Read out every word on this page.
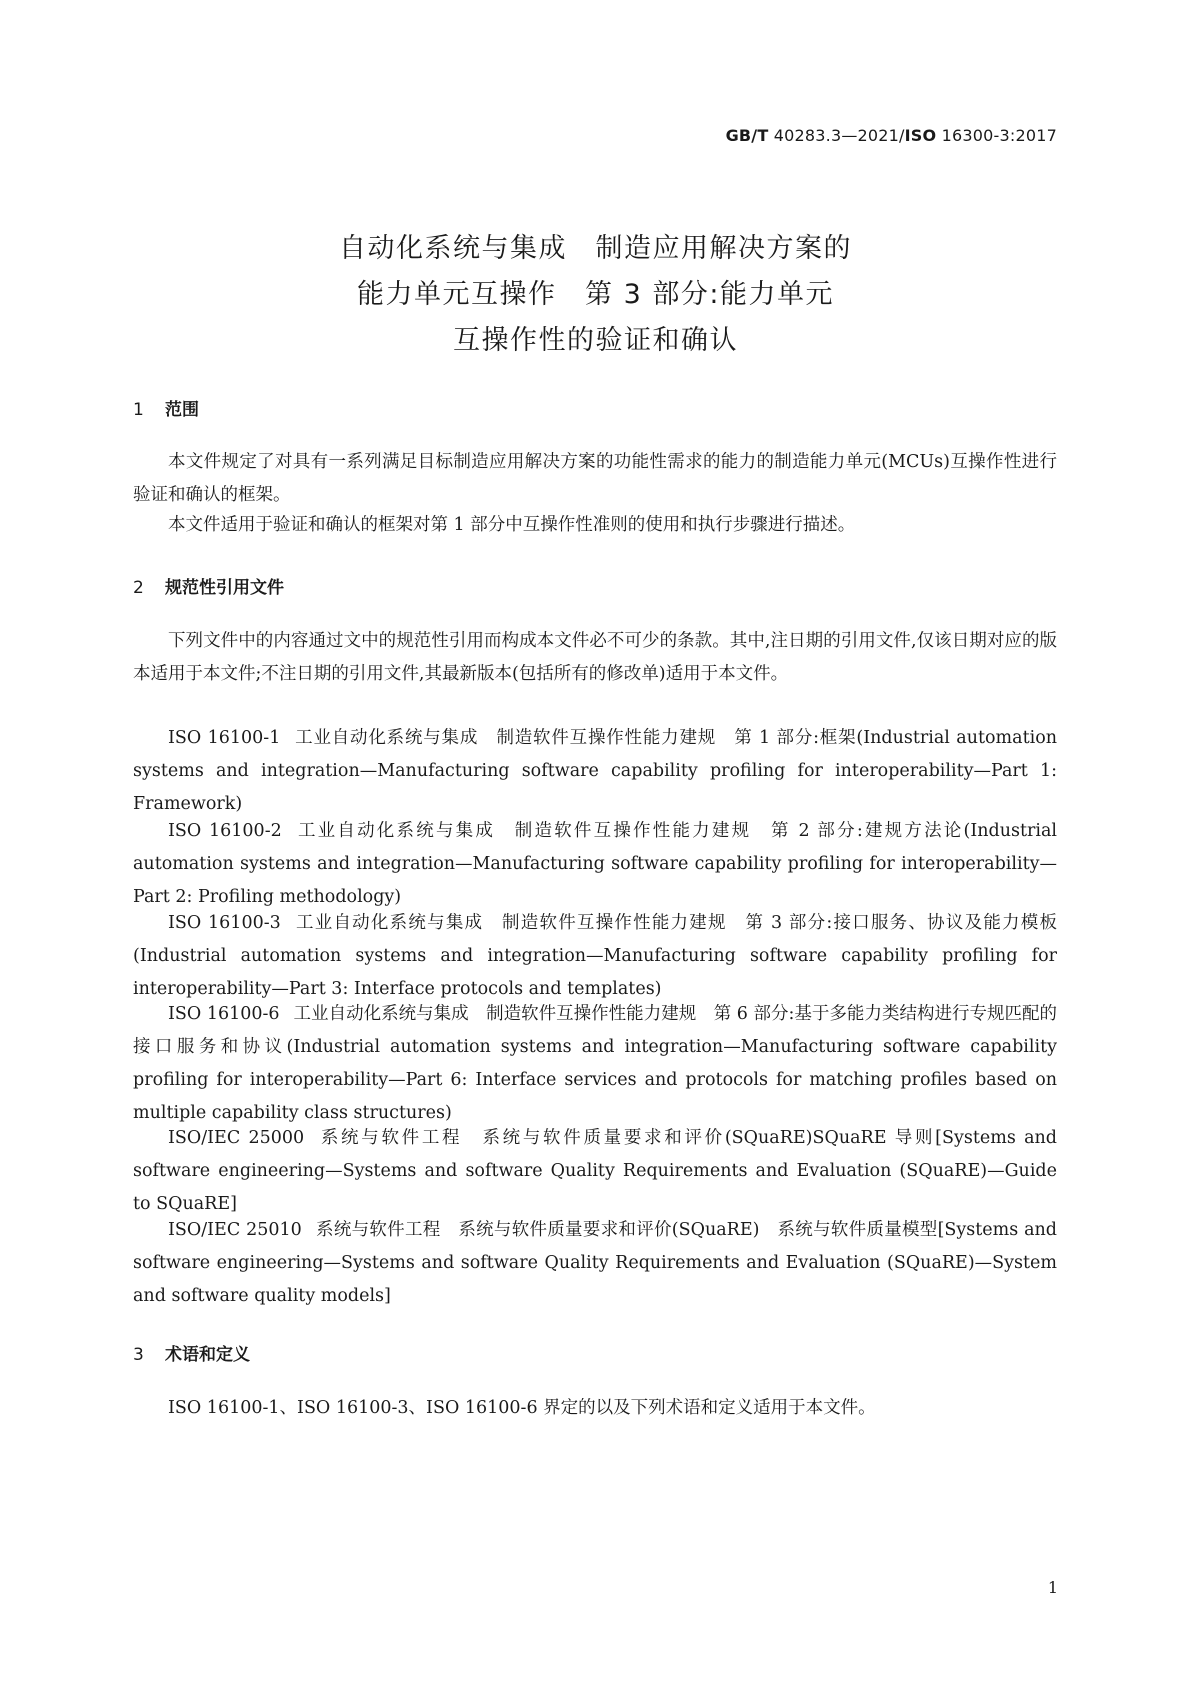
GB/T 40283.3—2021/ISO 16300-3:2017
自动化系统与集成　制造应用解决方案的
能力单元互操作　第 3 部分:能力单元
互操作性的验证和确认
1 范围
本文件规定了对具有一系列满足目标制造应用解决方案的功能性需求的能力的制造能力单元(MCUs)互操作性进行验证和确认的框架。
本文件适用于验证和确认的框架对第 1 部分中互操作性准则的使用和执行步骤进行描述。
2 规范性引用文件
下列文件中的内容通过文中的规范性引用而构成本文件必不可少的条款。其中,注日期的引用文件,仅该日期对应的版本适用于本文件;不注日期的引用文件,其最新版本(包括所有的修改单)适用于本文件。
ISO 16100-1 工业自动化系统与集成　制造软件互操作性能力建规　第 1 部分:框架(Industrial automation systems and integration—Manufacturing software capability profiling for interoperability—Part 1: Framework)
ISO 16100-2 工业自动化系统与集成　制造软件互操作性能力建规　第 2 部分:建规方法论(Industrial automation systems and integration—Manufacturing software capability profiling for interoperability—Part 2: Profiling methodology)
ISO 16100-3 工业自动化系统与集成　制造软件互操作性能力建规　第 3 部分:接口服务、协议及能力模板(Industrial automation systems and integration—Manufacturing software capability profiling for interoperability—Part 3: Interface protocols and templates)
ISO 16100-6 工业自动化系统与集成　制造软件互操作性能力建规　第 6 部分:基于多能力类结构进行专规匹配的接口服务和协议(Industrial automation systems and integration—Manufacturing software capability profiling for interoperability—Part 6: Interface services and protocols for matching profiles based on multiple capability class structures)
ISO/IEC 25000 系统与软件工程　系统与软件质量要求和评价(SQuaRE)SQuaRE 导则[Systems and software engineering—Systems and software Quality Requirements and Evaluation (SQuaRE)—Guide to SQuaRE]
ISO/IEC 25010 系统与软件工程　系统与软件质量要求和评价(SQuaRE)　系统与软件质量模型[Systems and software engineering—Systems and software Quality Requirements and Evaluation (SQuaRE)—System and software quality models]
3 术语和定义
ISO 16100-1、ISO 16100-3、ISO 16100-6 界定的以及下列术语和定义适用于本文件。
1
